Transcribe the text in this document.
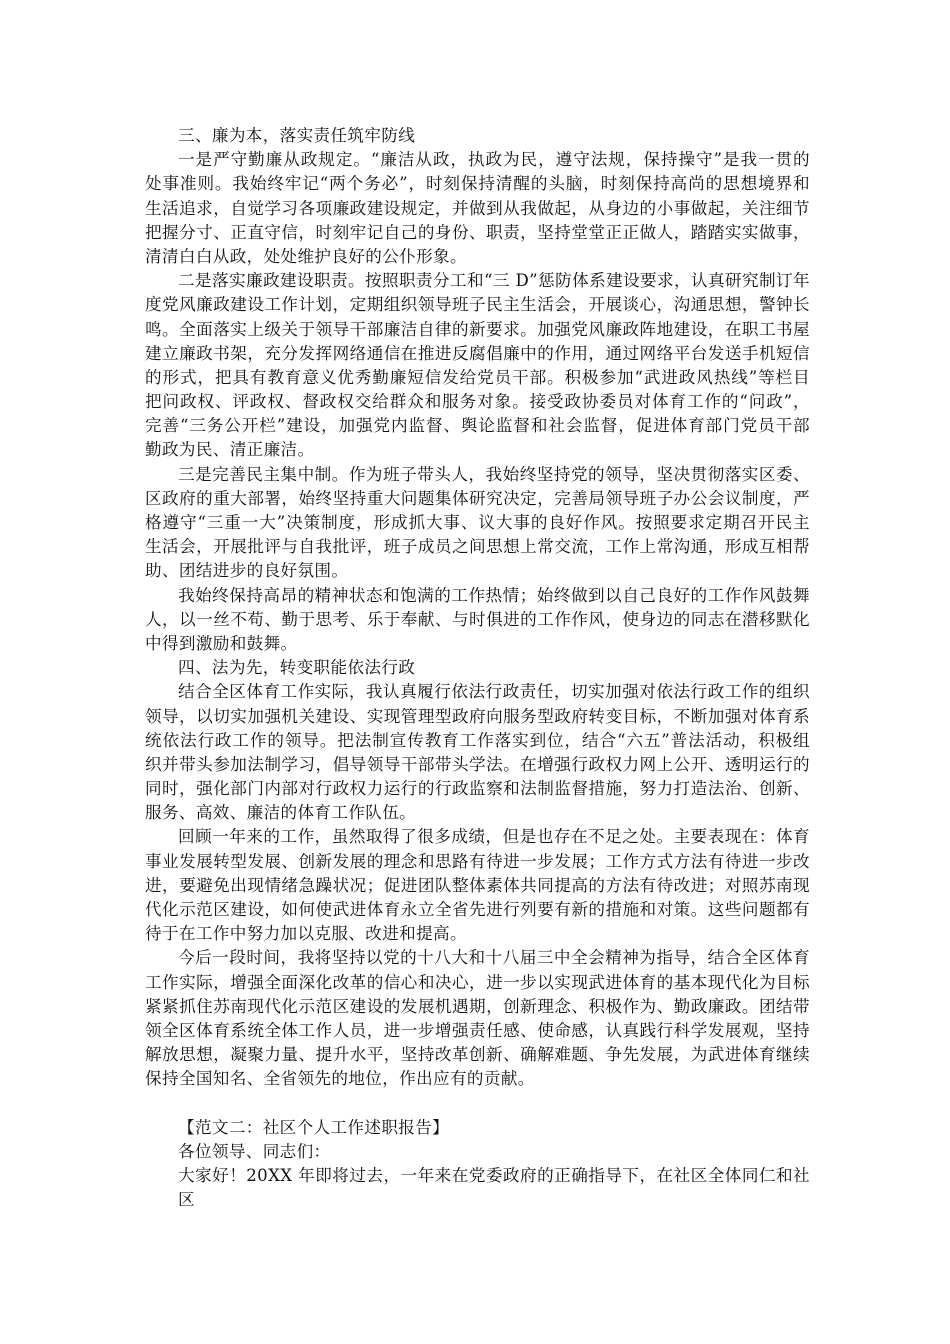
三、廉为本，落实责任筑牢防线
一是严守勤廉从政规定。“廉洁从政，执政为民，遵守法规，保持操守”是我一贯的
处事准则。我始终牢记“两个务必”，时刻保持清醒的头脑，时刻保持高尚的思想境界和
生活追求，自觉学习各项廉政建设规定，并做到从我做起，从身边的小事做起，关注细节
把握分寸、正直守信，时刻牢记自己的身份、职责，坚持堂堂正正做人，踏踏实实做事，
清清白白从政，处处维护良好的公仆形象。
二是落实廉政建设职责。按照职责分工和“三 D”惩防体系建设要求，认真研究制订年
度党风廉政建设工作计划，定期组织领导班子民主生活会，开展谈心，沟通思想，警钟长
鸣。全面落实上级关于领导干部廉洁自律的新要求。加强党风廉政阵地建设，在职工书屋
建立廉政书架，充分发挥网络通信在推进反腐倡廉中的作用，通过网络平台发送手机短信
的形式，把具有教育意义优秀勤廉短信发给党员干部。积极参加“武进政风热线”等栏目
把问政权、评政权、督政权交给群众和服务对象。接受政协委员对体育工作的“问政”，
完善“三务公开栏”建设，加强党内监督、舆论监督和社会监督，促进体育部门党员干部
勤政为民、清正廉洁。
三是完善民主集中制。作为班子带头人，我始终坚持党的领导，坚决贯彻落实区委、
区政府的重大部署，始终坚持重大问题集体研究决定，完善局领导班子办公会议制度，严
格遵守“三重一大”决策制度，形成抓大事、议大事的良好作风。按照要求定期召开民主
生活会，开展批评与自我批评，班子成员之间思想上常交流，工作上常沟通，形成互相帮
助、团结进步的良好氛围。
我始终保持高昂的精神状态和饱满的工作热情；始终做到以自己良好的工作作风鼓舞
人，以一丝不苟、勤于思考、乐于奉献、与时俱进的工作作风，使身边的同志在潜移默化
中得到激励和鼓舞。
四、法为先，转变职能依法行政
结合全区体育工作实际，我认真履行依法行政责任，切实加强对依法行政工作的组织
领导，以切实加强机关建设、实现管理型政府向服务型政府转变目标，不断加强对体育系
统依法行政工作的领导。把法制宣传教育工作落实到位，结合“六五”普法活动，积极组
织并带头参加法制学习，倡导领导干部带头学法。在增强行政权力网上公开、透明运行的
同时，强化部门内部对行政权力运行的行政监察和法制监督措施，努力打造法治、创新、
服务、高效、廉洁的体育工作队伍。
回顾一年来的工作，虽然取得了很多成绩，但是也存在不足之处。主要表现在：体育
事业发展转型发展、创新发展的理念和思路有待进一步发展；工作方式方法有待进一步改
进，要避免出现情绪急躁状况；促进团队整体素体共同提高的方法有待改进；对照苏南现
代化示范区建设，如何使武进体育永立全省先进行列要有新的措施和对策。这些问题都有
待于在工作中努力加以克服、改进和提高。
今后一段时间，我将坚持以党的十八大和十八届三中全会精神为指导，结合全区体育
工作实际，增强全面深化改革的信心和决心，进一步以实现武进体育的基本现代化为目标
紧紧抓住苏南现代化示范区建设的发展机遇期，创新理念、积极作为、勤政廉政。团结带
领全区体育系统全体工作人员，进一步增强责任感、使命感，认真践行科学发展观，坚持
解放思想，凝聚力量、提升水平，坚持改革创新、确解难题、争先发展，为武进体育继续
保持全国知名、全省领先的地位，作出应有的贡献。
【范文二：社区个人工作述职报告】
各位领导、同志们：
大家好！20XX 年即将过去，一年来在党委政府的正确指导下，在社区全体同仁和社区
